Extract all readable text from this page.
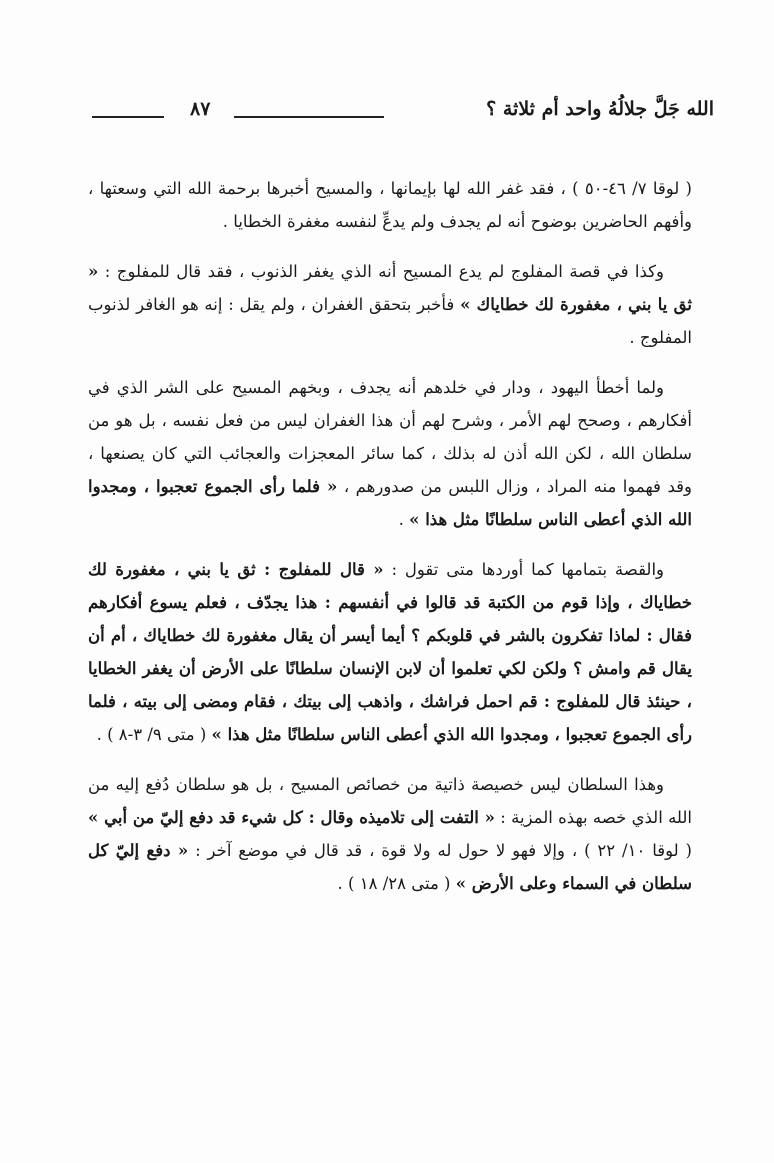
الله جَلَّ جلالُهُ واحد أم ثلاثة ؟
٨٧

( لوقا ٧/ ٤٦-٥٠ ) ، فقد غفر الله لها بإيمانها ، والمسيح أخبرها برحمة الله التي وسعتها ، وأفهم الحاضرين بوضوح أنه لم يجدف ولم يدعِّ لنفسه مغفرة الخطايا .

وكذا في قصة المفلوج لم يدع المسيح أنه الذي يغفر الذنوب ، فقد قال للمفلوج : « ثق يا بني ، مغفورة لك خطاياك » فأخبر بتحقق الغفران ، ولم يقل : إنه هو الغافر لذنوب المفلوج .

ولما أخطأ اليهود ، ودار في خلدهم أنه يجدف ، وبخهم المسيح على الشر الذي في أفكارهم ، وصحح لهم الأمر ، وشرح لهم أن هذا الغفران ليس من فعل نفسه ، بل هو من سلطان الله ، لكن الله أذن له بذلك ، كما سائر المعجزات والعجائب التي كان يصنعها ، وقد فهموا منه المراد ، وزال اللبس من صدورهم ، « فلما رأى الجموع تعجبوا ، ومجدوا الله الذي أعطى الناس سلطانًا مثل هذا » .

والقصة بتمامها كما أوردها متى تقول : « قال للمفلوج : ثق يا بني ، مغفورة لك خطاياك ، وإذا قوم من الكتبة قد قالوا في أنفسهم : هذا يجدّف ، فعلم يسوع أفكارهم فقال : لماذا تفكرون بالشر في قلوبكم ؟ أيما أيسر أن يقال مغفورة لك خطاياك ، أم أن يقال قم وامش ؟ ولكن لكي تعلموا أن لابن الإنسان سلطانًا على الأرض أن يغفر الخطايا ، حينئذ قال للمفلوج : قم احمل فراشك ، واذهب إلى بيتك ، فقام ومضى إلى بيته ، فلما رأى الجموع تعجبوا ، ومجدوا الله الذي أعطى الناس سلطانًا مثل هذا » ( متى ٩/ ٣-٨ ) .

وهذا السلطان ليس خصيصة ذاتية من خصائص المسيح ، بل هو سلطان دُفع إليه من الله الذي خصه بهذه المزية : « التفت إلى تلاميذه وقال : كل شيء قد دفع إليّ من أبي » ( لوقا ١٠/ ٢٢ ) ، وإلا فهو لا حول له ولا قوة ، قد قال في موضع آخر : « دفع إليّ كل سلطان في السماء وعلى الأرض » ( متى ٢٨/ ١٨ ) .
